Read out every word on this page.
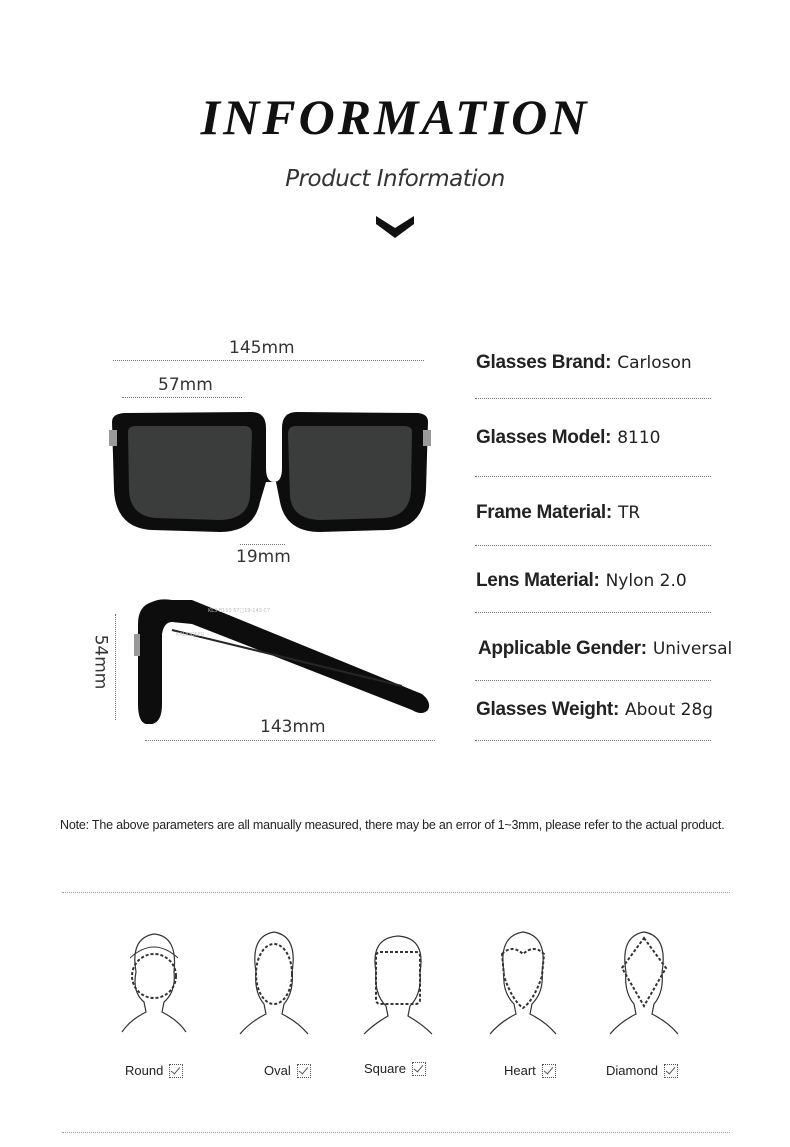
INFORMATION
Product Information
145mm
57mm
19mm
54mm
KL3 8110 57□19-143 C7
KALIDOSER
143mm
Glasses Brand: Carloson
Glasses Model: 8110
Frame Material: TR
Lens Material: Nylon 2.0
Applicable Gender: Universal
Glasses Weight: About 28g
Note: The above parameters are all manually measured, there may be an error of 1~3mm, please refer to the actual product.
Round	Oval	Square	Heart	Diamond
